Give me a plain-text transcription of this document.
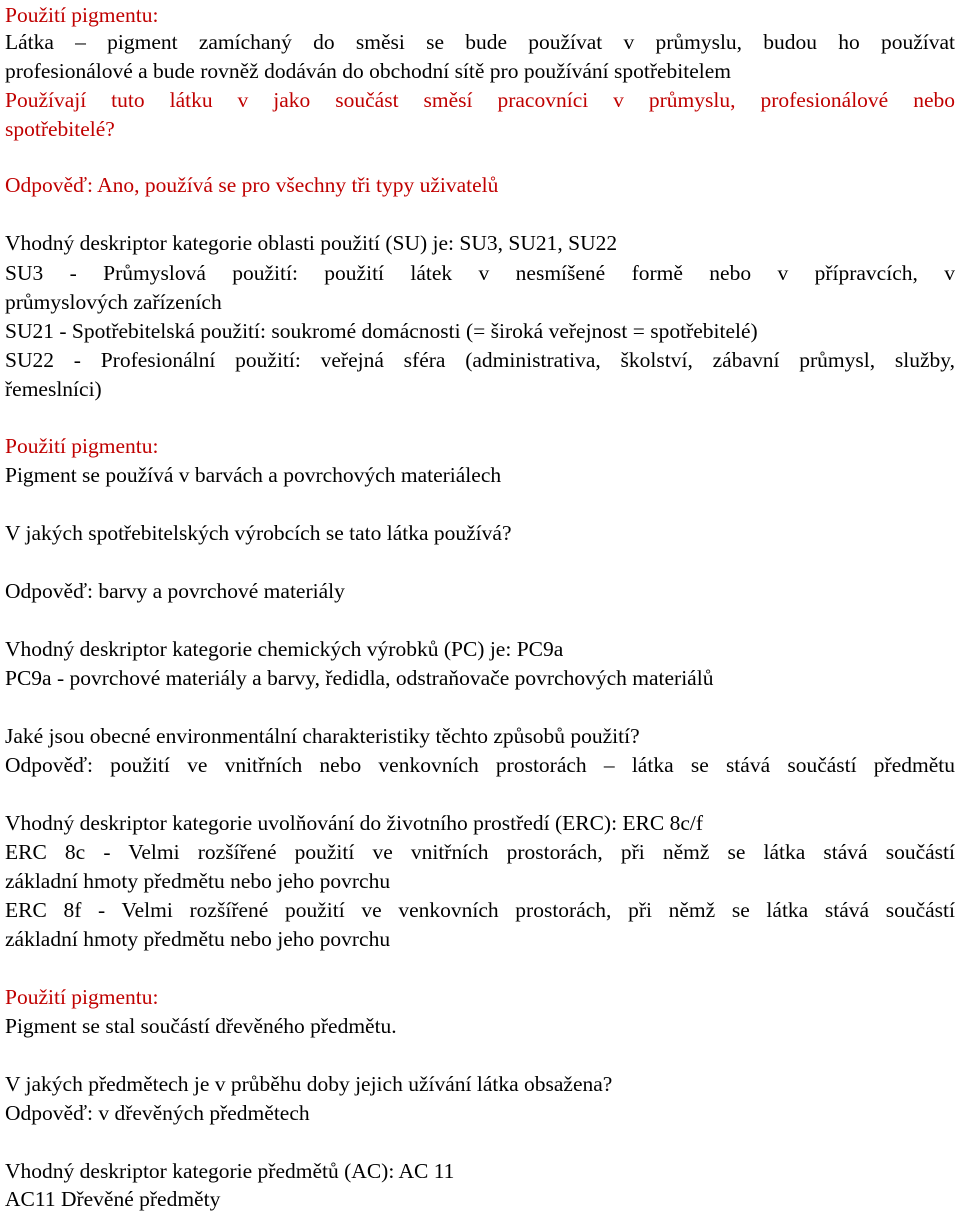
Použití pigmentu:
Látka – pigment zamíchaný do směsi se bude používat v průmyslu, budou ho používat
profesionálové a bude rovněž dodáván do obchodní sítě pro používání spotřebitelem
Používají tuto látku v jako součást směsí pracovníci v průmyslu, profesionálové nebo
spotřebitelé?
Odpověď: Ano, používá se pro všechny tři typy uživatelů
Vhodný deskriptor kategorie oblasti použití (SU) je: SU3, SU21, SU22
SU3 - Průmyslová použití: použití látek v nesmíšené formě nebo v přípravcích, v
průmyslových zařízeních
SU21 - Spotřebitelská použití: soukromé domácnosti (= široká veřejnost = spotřebitelé)
SU22 - Profesionální použití: veřejná sféra (administrativa, školství, zábavní průmysl, služby,
řemeslníci)
Použití pigmentu:
Pigment se používá v barvách a povrchových materiálech
V jakých spotřebitelských výrobcích se tato látka používá?
Odpověď: barvy a povrchové materiály
Vhodný deskriptor kategorie chemických výrobků (PC) je: PC9a
PC9a - povrchové materiály a barvy, ředidla, odstraňovače povrchových materiálů
Jaké jsou obecné environmentální charakteristiky těchto způsobů použití?
Odpověď: použití ve vnitřních nebo venkovních prostorách – látka se stává součástí předmětu
Vhodný deskriptor kategorie uvolňování do životního prostředí (ERC): ERC 8c/f
ERC 8c - Velmi rozšířené použití ve vnitřních prostorách, při němž se látka stává součástí
základní hmoty předmětu nebo jeho povrchu
ERC 8f - Velmi rozšířené použití ve venkovních prostorách, při němž se látka stává součástí
základní hmoty předmětu nebo jeho povrchu
Použití pigmentu:
Pigment se stal součástí dřevěného předmětu.
V jakých předmětech je v průběhu doby jejich užívání látka obsažena?
Odpověď: v dřevěných předmětech
Vhodný deskriptor kategorie předmětů (AC): AC 11
AC11 Dřevěné předměty
